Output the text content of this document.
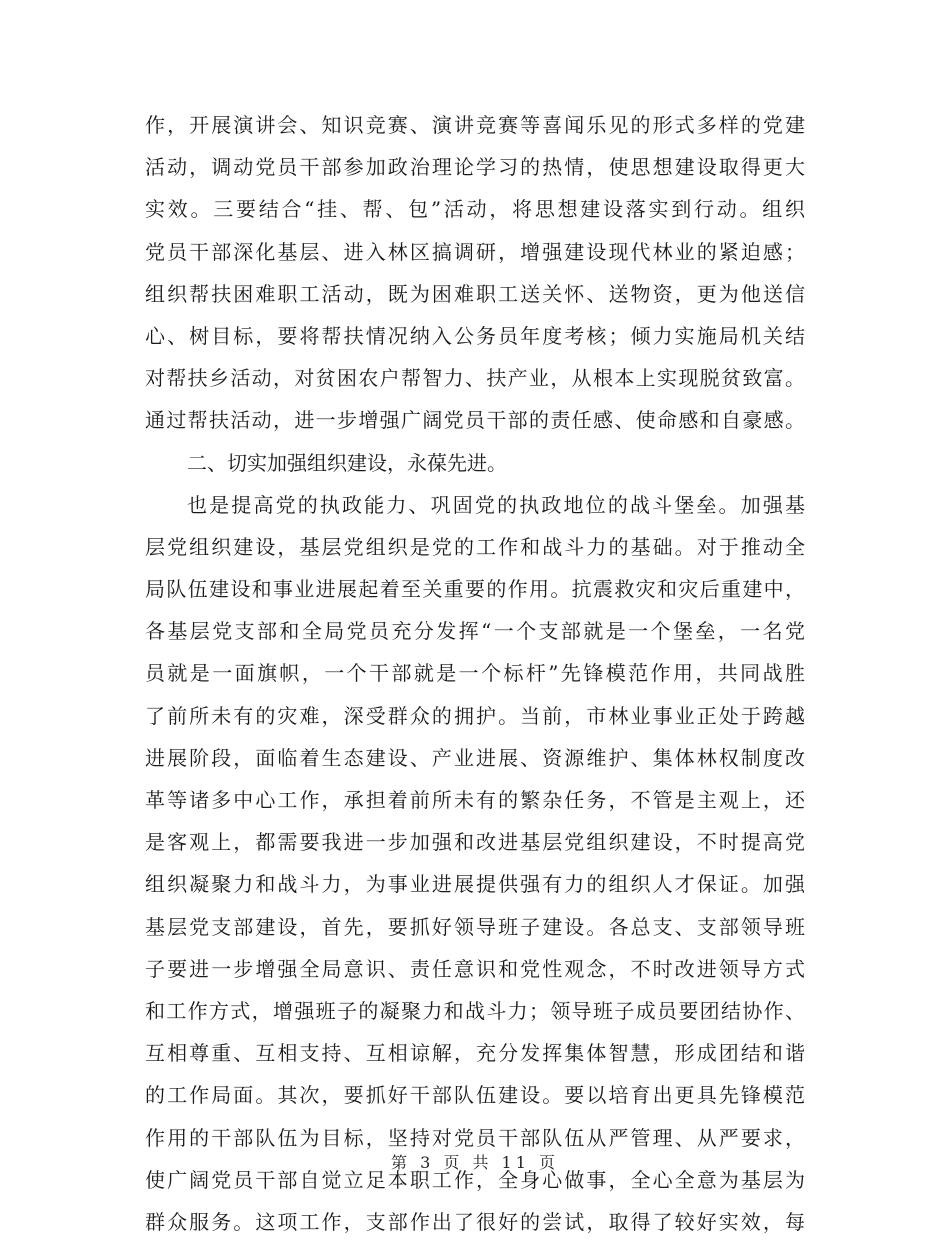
作，开展演讲会、知识竞赛、演讲竞赛等喜闻乐见的形式多样的党建
活动，调动党员干部参加政治理论学习的热情，使思想建设取得更大
实效。三要结合“挂、帮、包”活动，将思想建设落实到行动。组织
党员干部深化基层、进入林区搞调研，增强建设现代林业的紧迫感；
组织帮扶困难职工活动，既为困难职工送关怀、送物资，更为他送信
心、树目标，要将帮扶情况纳入公务员年度考核；倾力实施局机关结
对帮扶乡活动，对贫困农户帮智力、扶产业，从根本上实现脱贫致富。
通过帮扶活动，进一步增强广阔党员干部的责任感、使命感和自豪感。
二、切实加强组织建设，永葆先进。
也是提高党的执政能力、巩固党的执政地位的战斗堡垒。加强基
层党组织建设，基层党组织是党的工作和战斗力的基础。对于推动全
局队伍建设和事业进展起着至关重要的作用。抗震救灾和灾后重建中，
各基层党支部和全局党员充分发挥“一个支部就是一个堡垒，一名党
员就是一面旗帜，一个干部就是一个标杆”先锋模范作用，共同战胜
了前所未有的灾难，深受群众的拥护。当前，市林业事业正处于跨越
进展阶段，面临着生态建设、产业进展、资源维护、集体林权制度改
革等诸多中心工作，承担着前所未有的繁杂任务，不管是主观上，还
是客观上，都需要我进一步加强和改进基层党组织建设，不时提高党
组织凝聚力和战斗力，为事业进展提供强有力的组织人才保证。加强
基层党支部建设，首先，要抓好领导班子建设。各总支、支部领导班
子要进一步增强全局意识、责任意识和党性观念，不时改进领导方式
和工作方式，增强班子的凝聚力和战斗力；领导班子成员要团结协作、
互相尊重、互相支持、互相谅解，充分发挥集体智慧，形成团结和谐
的工作局面。其次，要抓好干部队伍建设。要以培育出更具先锋模范
作用的干部队伍为目标，坚持对党员干部队伍从严管理、从严要求，
使广阔党员干部自觉立足本职工作，全身心做事，全心全意为基层为
群众服务。这项工作，支部作出了很好的尝试，取得了较好实效，每
第 3 页 共 11 页
